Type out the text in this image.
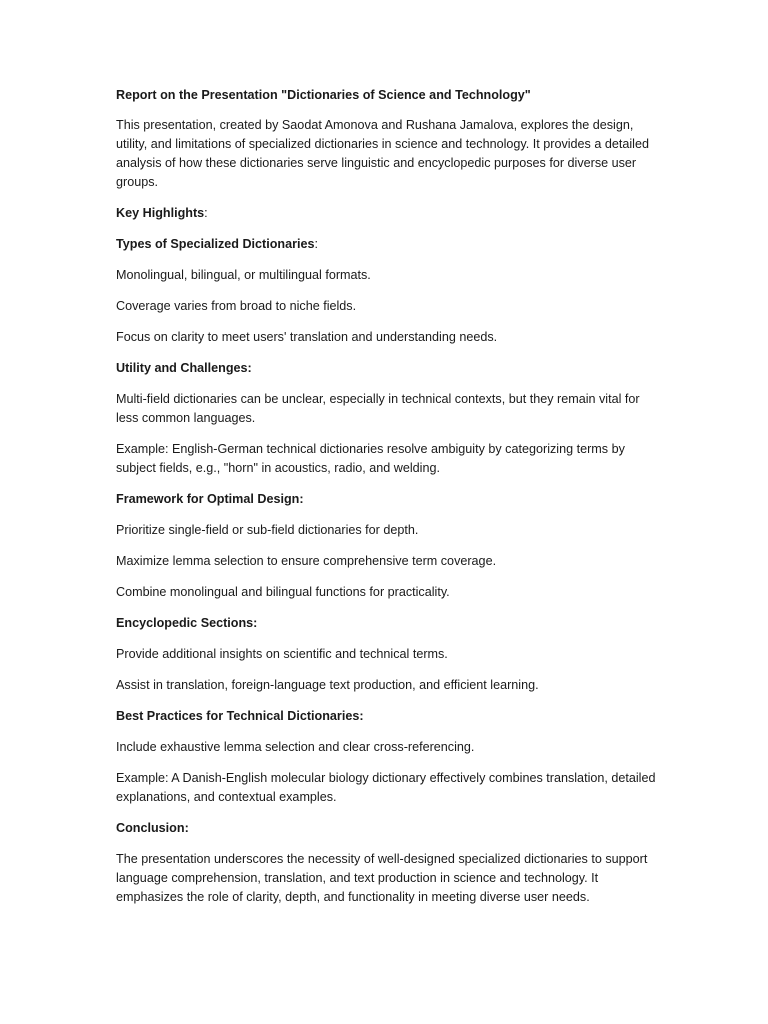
Report on the Presentation "Dictionaries of Science and Technology"

This presentation, created by Saodat Amonova and Rushana Jamalova, explores the design, utility, and limitations of specialized dictionaries in science and technology. It provides a detailed analysis of how these dictionaries serve linguistic and encyclopedic purposes for diverse user groups.

Key Highlights:

Types of Specialized Dictionaries:

Monolingual, bilingual, or multilingual formats.

Coverage varies from broad to niche fields.

Focus on clarity to meet users' translation and understanding needs.

Utility and Challenges:

Multi-field dictionaries can be unclear, especially in technical contexts, but they remain vital for less common languages.

Example: English-German technical dictionaries resolve ambiguity by categorizing terms by subject fields, e.g., "horn" in acoustics, radio, and welding.

Framework for Optimal Design:

Prioritize single-field or sub-field dictionaries for depth.

Maximize lemma selection to ensure comprehensive term coverage.

Combine monolingual and bilingual functions for practicality.

Encyclopedic Sections:

Provide additional insights on scientific and technical terms.

Assist in translation, foreign-language text production, and efficient learning.

Best Practices for Technical Dictionaries:

Include exhaustive lemma selection and clear cross-referencing.

Example: A Danish-English molecular biology dictionary effectively combines translation, detailed explanations, and contextual examples.

Conclusion:

The presentation underscores the necessity of well-designed specialized dictionaries to support language comprehension, translation, and text production in science and technology. It emphasizes the role of clarity, depth, and functionality in meeting diverse user needs.
